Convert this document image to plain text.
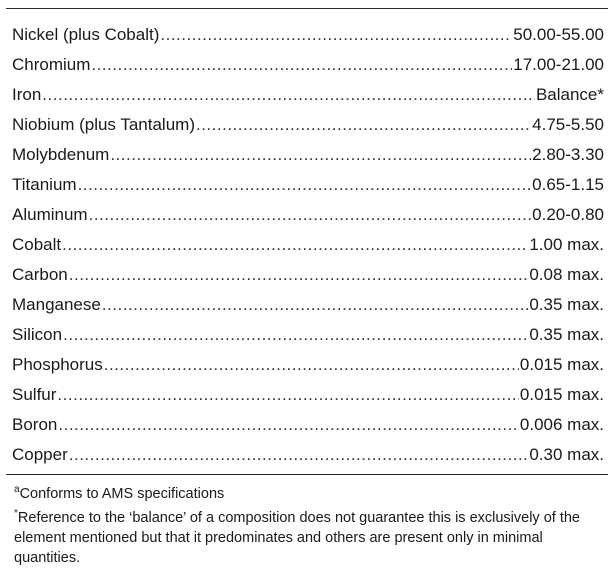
Nickel (plus Cobalt) .....	50.00-55.00
Chromium .....	17.00-21.00
Iron .....	Balance*
Niobium (plus Tantalum) .....	4.75-5.50
Molybdenum .....	2.80-3.30
Titanium .....	0.65-1.15
Aluminum .....	0.20-0.80
Cobalt .....	1.00 max.
Carbon .....	0.08 max.
Manganese .....	0.35 max.
Silicon .....	0.35 max.
Phosphorus .....	0.015 max.
Sulfur .....	0.015 max.
Boron .....	0.006 max.
Copper .....	0.30 max.

$^a$Conforms to AMS specifications

*Reference to the ‘balance’ of a composition does not guarantee this is exclusively of the element mentioned but that it predominates and others are present only in minimal quantities.
